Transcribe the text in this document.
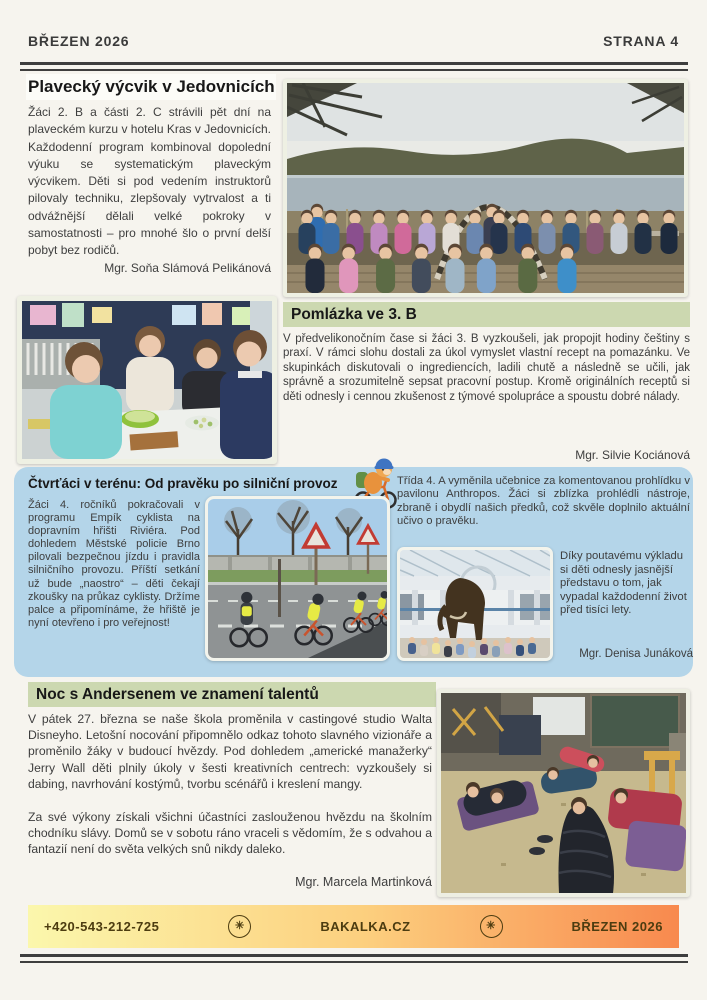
BŘEZEN 2026	STRANA 4
Plavecký výcvik v Jedovnicích
Žáci 2. B a části 2. C strávili pět dní na plaveckém kurzu v hotelu Kras v Jedovnicích. Každodenní program kombinoval dopolední výuku se systematickým plaveckým výcvikem. Děti si pod vedením instruktorů pilovaly techniku, zlepšovaly vytrvalost a ti odvážnější dělali velké pokroky v samostatnosti – pro mnohé šlo o první delší pobyt bez rodičů.
Mgr. Soňa Slámová Pelikánová
Pomlázka ve 3. B
V předvelikonočním čase si žáci 3. B vyzkoušeli, jak propojit hodiny češtiny s praxí. V rámci slohu dostali za úkol vymyslet vlastní recept na pomazánku. Ve skupinkách diskutovali o ingrediencích, ladili chutě a následně se učili, jak správně a srozumitelně sepsat pracovní postup. Kromě originálních receptů si děti odnesly i cennou zkušenost z týmové spolupráce a spoustu dobré nálady.
Mgr. Silvie Kociánová
Čtvrťáci v terénu: Od pravěku po silniční provoz
Žáci 4. ročníků pokračovali v programu Empík cyklista na dopravním hřišti Riviéra. Pod dohledem Městské policie Brno pilovali bezpečnou jízdu i pravidla silničního provozu. Příští setkání už bude „naostro“ – děti čekají zkoušky na průkaz cyklisty. Držíme palce a připomínáme, že hřiště je nyní otevřeno i pro veřejnost!
Třída 4. A vyměnila učebnice za komentovanou prohlídku v pavilonu Anthropos. Žáci si zblízka prohlédli nástroje, zbraně i obydlí našich předků, což skvěle doplnilo aktuální učivo o pravěku.
Díky poutavému výkladu si děti odnesly jasnější představu o tom, jak vypadal každodenní život před tisíci lety.
Mgr. Denisa Junáková
Noc s Andersenem ve znamení talentů
V pátek 27. března se naše škola proměnila v castingové studio Walta Disneyho. Letošní nocování připomnělo odkaz tohoto slavného vizionáře a proměnilo žáky v budoucí hvězdy. Pod dohledem „americké manažerky“ Jerry Wall děti plnily úkoly v šesti kreativních centrech: vyzkoušely si dabing, navrhování kostýmů, tvorbu scénářů i kreslení mangy.
Za své výkony získali všichni účastníci zaslouženou hvězdu na školním chodníku slávy. Domů se v sobotu ráno vraceli s vědomím, že s odvahou a fantazií není do světa velkých snů nikdy daleko.
Mgr. Marcela Martinková
+420-543-212-725	✳	BAKALKA.CZ	✳	BŘEZEN 2026
